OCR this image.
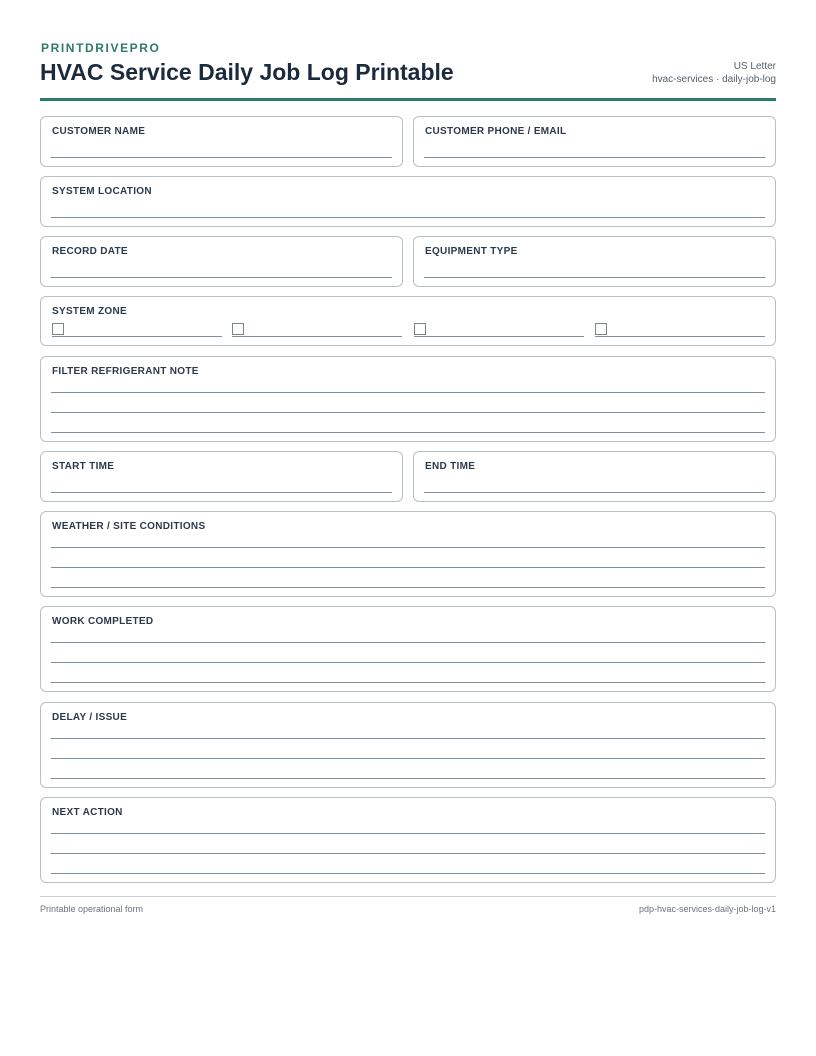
PRINTDRIVEPRO
HVAC Service Daily Job Log Printable	US Letter
hvac-services · daily-job-log
CUSTOMER NAME	CUSTOMER PHONE / EMAIL
SYSTEM LOCATION
RECORD DATE	EQUIPMENT TYPE
SYSTEM ZONE
FILTER REFRIGERANT NOTE
START TIME	END TIME
WEATHER / SITE CONDITIONS
WORK COMPLETED
DELAY / ISSUE
NEXT ACTION
Printable operational form	pdp-hvac-services-daily-job-log-v1
